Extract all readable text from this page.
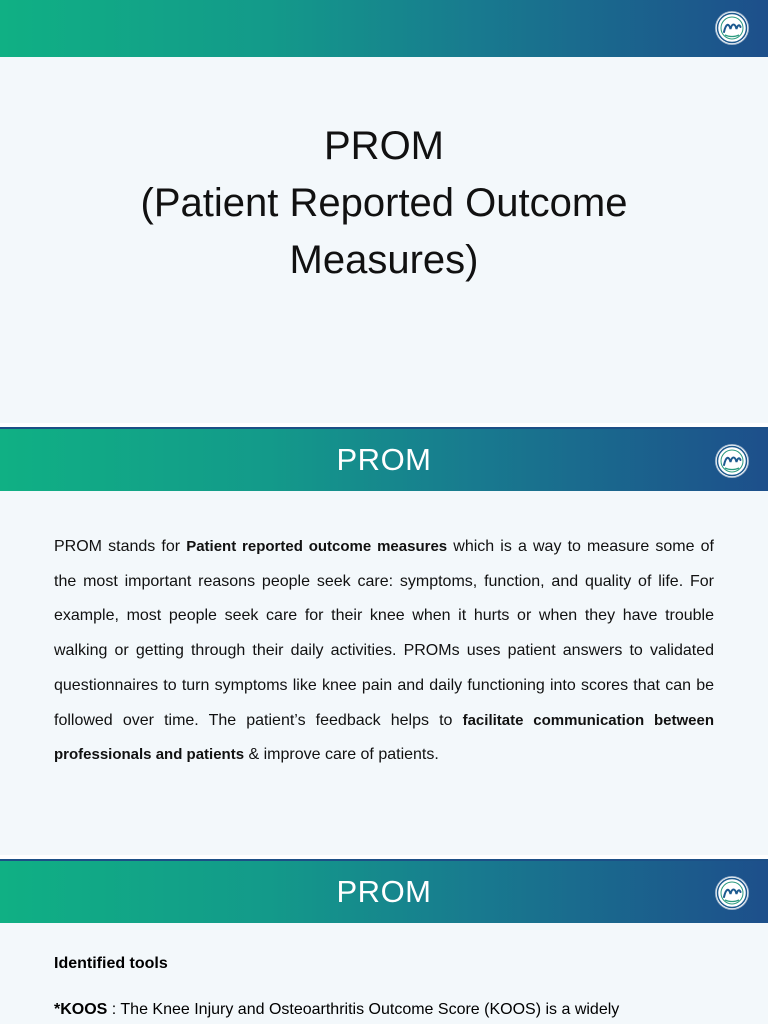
PROM
(Patient Reported Outcome
Measures)
PROM

PROM stands for Patient reported outcome measures which is a way to measure some of the most important reasons people seek care: symptoms, function, and quality of life. For example, most people seek care for their knee when it hurts or when they have trouble walking or getting through their daily activities. PROMs uses patient answers to validated questionnaires to turn symptoms like knee pain and daily functioning into scores that can be followed over time. The patient’s feedback helps to facilitate communication between professionals and patients & improve care of patients.

PROM
Identified tools
*KOOS : The Knee Injury and Osteoarthritis Outcome Score (KOOS) is a widely
